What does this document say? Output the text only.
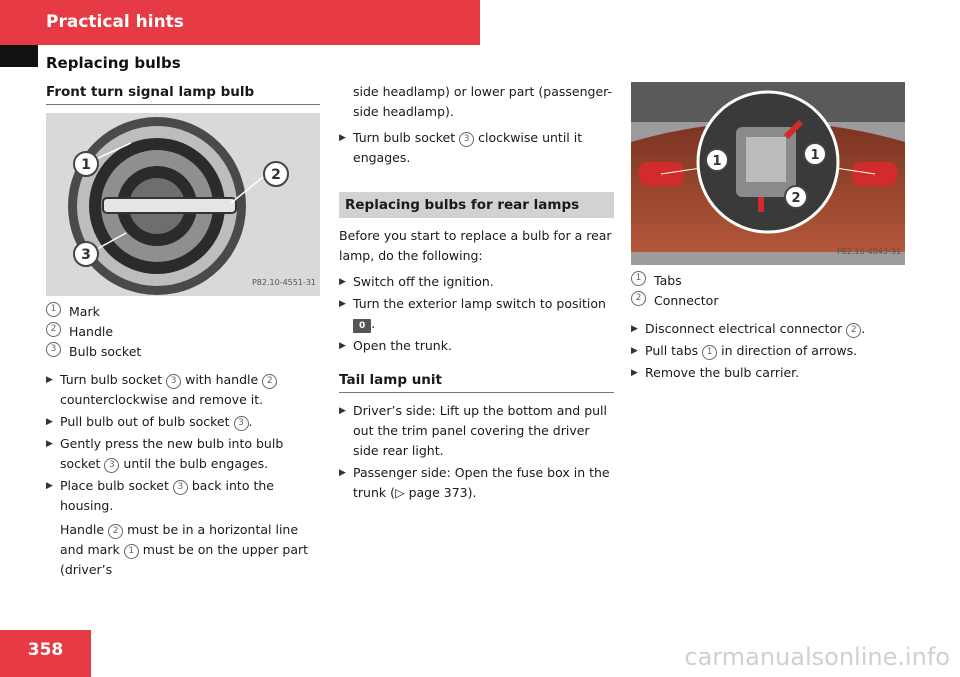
Practical hints
Replacing bulbs
Front turn signal lamp bulb
1
2
3
P82.10-4551-31
1	Mark
2	Handle
3	Bulb socket

▶ Turn bulb socket 3 with handle 2 counterclockwise and remove it.

▶ Pull bulb out of bulb socket 3 .

▶ Gently press the new bulb into bulb socket 3 until the bulb engages.

▶ Place bulb socket 3 back into the housing.

Handle 2 must be in a horizontal line and mark 1 must be on the upper part (driver’s

side headlamp) or lower part (passenger-side headlamp).

▶ Turn bulb socket 3 clockwise until it engages.

Replacing bulbs for rear lamps

Before you start to replace a bulb for a rear lamp, do the following:

▶ Switch off the ignition.

▶ Turn the exterior lamp switch to position 0 .

▶ Open the trunk.

Tail lamp unit

▶ Driver’s side: Lift up the bottom and pull out the trim panel covering the driver side rear light.

▶ Passenger side: Open the fuse box in the trunk (▷ page 373).

1	1
2
P82.10-4843-31
1	Tabs
2	Connector

▶ Disconnect electrical connector 2 .

▶ Pull tabs 1 in direction of arrows.

▶ Remove the bulb carrier.

358	carmanualsonline.info
